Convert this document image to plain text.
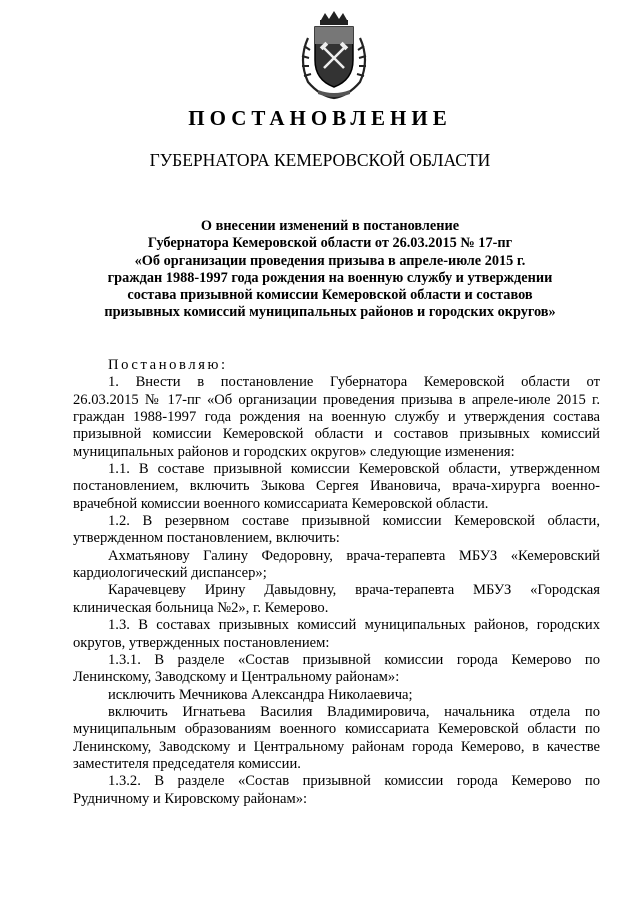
ПОСТАНОВЛЕНИЕ
ГУБЕРНАТОРА КЕМЕРОВСКОЙ ОБЛАСТИ
О внесении изменений в постановление
Губернатора Кемеровской области от 26.03.2015 № 17-пг
«Об организации проведения призыва в апреле-июле 2015 г.
граждан 1988-1997 года рождения на военную службу и утверждении
состава призывной комиссии Кемеровской области и составов
призывных комиссий муниципальных районов и городских округов»
Постановляю:
1. Внести в постановление Губернатора Кемеровской области от
26.03.2015 № 17-пг «Об организации проведения призыва в апреле-июле 2015 г.
граждан 1988-1997 года рождения на военную службу и утверждения состава
призывной комиссии Кемеровской области и составов призывных комиссий
муниципальных районов и городских округов» следующие изменения:
1.1. В составе призывной комиссии Кемеровской области, утвержденном
постановлением, включить Зыкова Сергея Ивановича, врача-хирурга военно-
врачебной комиссии военного комиссариата Кемеровской области.
1.2. В резервном составе призывной комиссии Кемеровской области,
утвержденном постановлением, включить:
Ахматьянову Галину Федоровну, врача-терапевта МБУЗ «Кемеровский
кардиологический диспансер»;
Карачевцеву Ирину Давыдовну, врача-терапевта МБУЗ «Городская
клиническая больница №2», г. Кемерово.
1.3. В составах призывных комиссий муниципальных районов, городских
округов, утвержденных постановлением:
1.3.1. В разделе «Состав призывной комиссии города Кемерово по
Ленинскому, Заводскому и Центральному районам»:
исключить Мечникова Александра Николаевича;
включить Игнатьева Василия Владимировича, начальника отдела по
муниципальным образованиям военного комиссариата Кемеровской области по
Ленинскому, Заводскому и Центральному районам города Кемерово, в качестве
заместителя председателя комиссии.
1.3.2. В разделе «Состав призывной комиссии города Кемерово по
Рудничному и Кировскому районам»:
